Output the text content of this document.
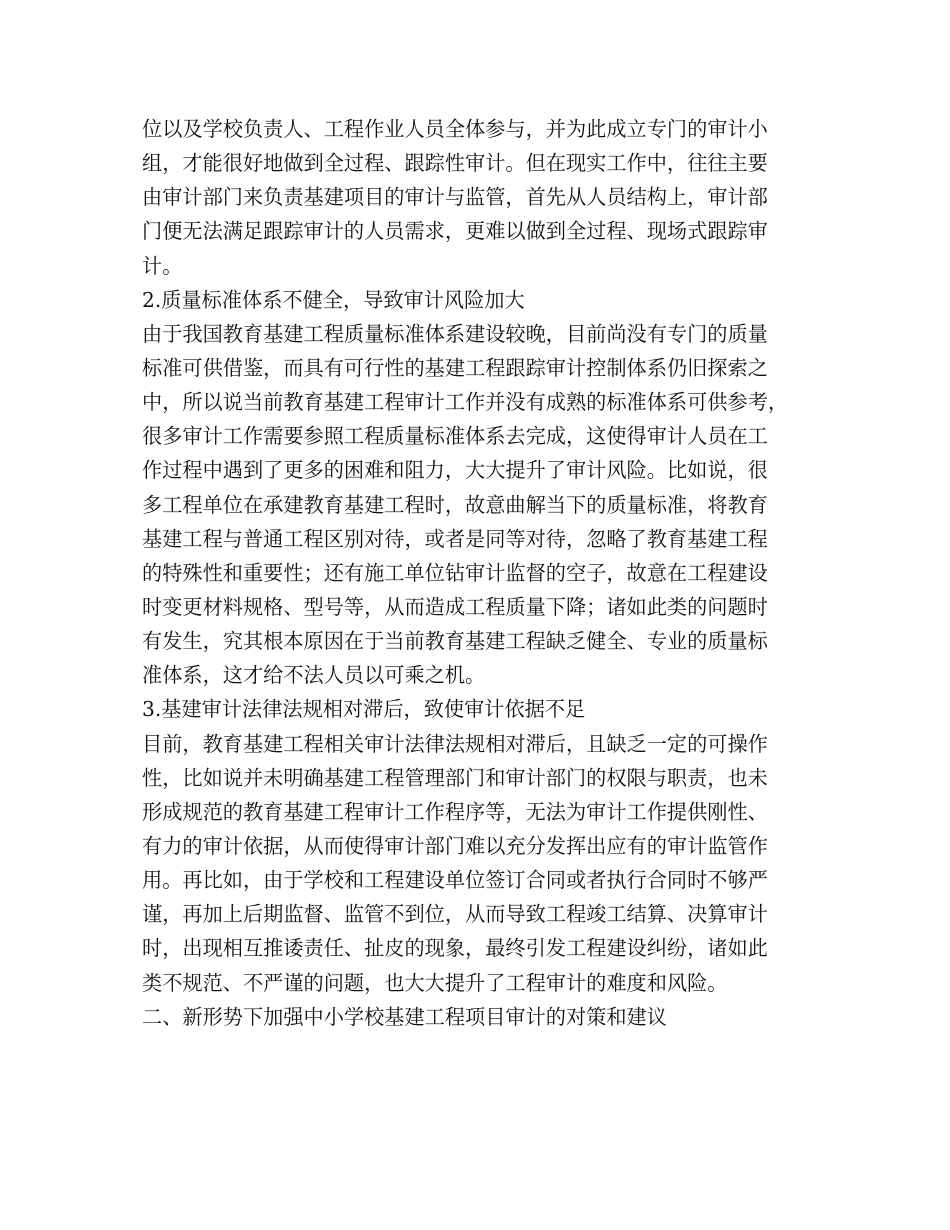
位以及学校负责人、工程作业人员全体参与，并为此成立专门的审计小
组，才能很好地做到全过程、跟踪性审计。但在现实工作中，往往主要
由审计部门来负责基建项目的审计与监管，首先从人员结构上，审计部
门便无法满足跟踪审计的人员需求，更难以做到全过程、现场式跟踪审
计。
2.质量标准体系不健全，导致审计风险加大
由于我国教育基建工程质量标准体系建设较晚，目前尚没有专门的质量
标准可供借鉴，而具有可行性的基建工程跟踪审计控制体系仍旧探索之
中，所以说当前教育基建工程审计工作并没有成熟的标准体系可供参考，
很多审计工作需要参照工程质量标准体系去完成，这使得审计人员在工
作过程中遇到了更多的困难和阻力，大大提升了审计风险。比如说，很
多工程单位在承建教育基建工程时，故意曲解当下的质量标准，将教育
基建工程与普通工程区别对待，或者是同等对待，忽略了教育基建工程
的特殊性和重要性；还有施工单位钻审计监督的空子，故意在工程建设
时变更材料规格、型号等，从而造成工程质量下降；诸如此类的问题时
有发生，究其根本原因在于当前教育基建工程缺乏健全、专业的质量标
准体系，这才给不法人员以可乘之机。
3.基建审计法律法规相对滞后，致使审计依据不足
目前，教育基建工程相关审计法律法规相对滞后，且缺乏一定的可操作
性，比如说并未明确基建工程管理部门和审计部门的权限与职责，也未
形成规范的教育基建工程审计工作程序等，无法为审计工作提供刚性、
有力的审计依据，从而使得审计部门难以充分发挥出应有的审计监管作
用。再比如，由于学校和工程建设单位签订合同或者执行合同时不够严
谨，再加上后期监督、监管不到位，从而导致工程竣工结算、决算审计
时，出现相互推诿责任、扯皮的现象，最终引发工程建设纠纷，诸如此
类不规范、不严谨的问题，也大大提升了工程审计的难度和风险。
二、新形势下加强中小学校基建工程项目审计的对策和建议
